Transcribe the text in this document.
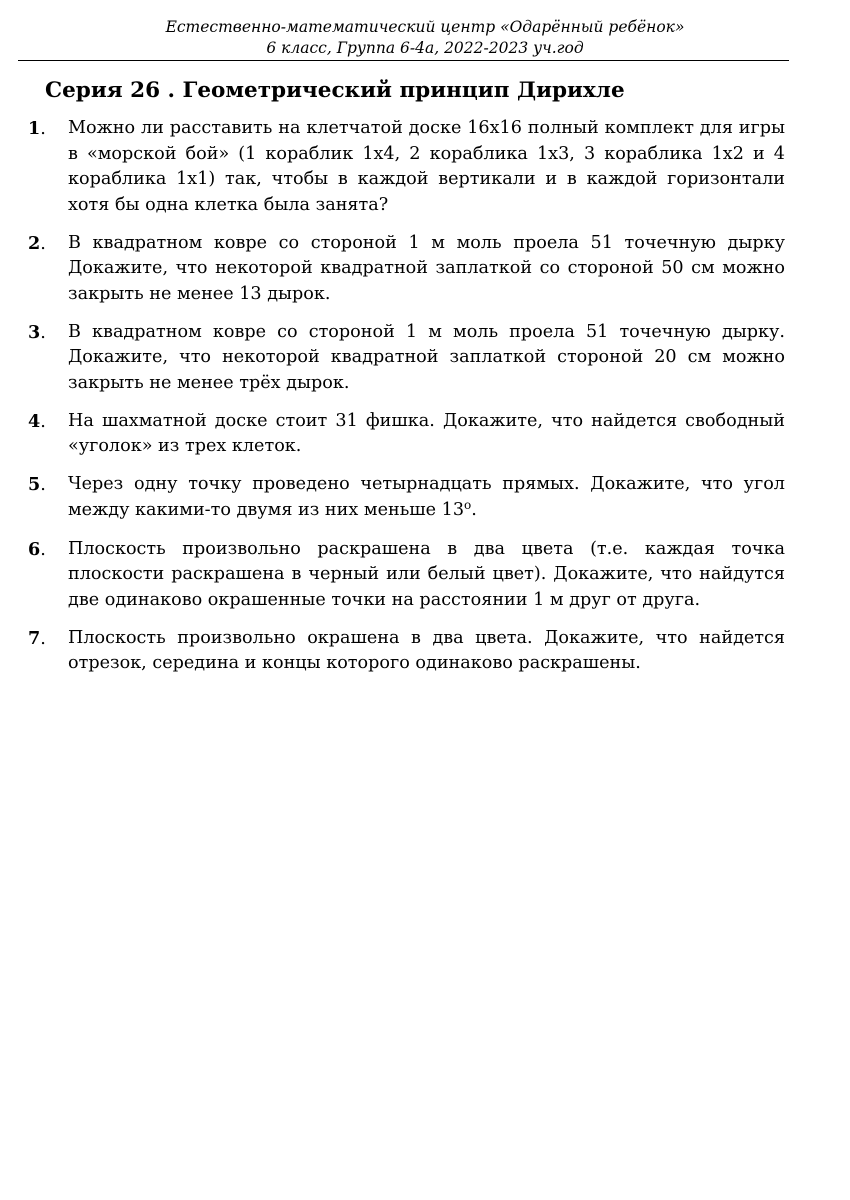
Естественно-математический центр «Одарённый ребёнок»
6 класс, Группа 6-4а, 2022-2023 уч.год
Серия 26 . Геометрический принцип Дирихле
1. Можно ли расставить на клетчатой доске 16x16 полный комплект для игры в «морской бой» (1 кораблик 1x4, 2 кораблика 1x3, 3 кораблика 1x2 и 4 кораблика 1x1) так, чтобы в каждой вертикали и в каждой горизонтали хотя бы одна клетка была занята?
2. В квадратном ковре со стороной 1 м моль проела 51 точечную дырку Докажите, что некоторой квадратной заплаткой со стороной 50 см можно закрыть не менее 13 дырок.
3. В квадратном ковре со стороной 1 м моль проела 51 точечную дырку. Докажите, что некоторой квадратной заплаткой стороной 20 см можно закрыть не менее трёх дырок.
4. На шахматной доске стоит 31 фишка. Докажите, что найдется свободный «уголок» из трех клеток.
5. Через одну точку проведено четырнадцать прямых. Докажите, что угол между какими-то двумя из них меньше 13$^o$.
6. Плоскость произвольно раскрашена в два цвета (т.е. каждая точка плоскости раскрашена в черный или белый цвет). Докажите, что найдутся две одинаково окрашенные точки на расстоянии 1 м друг от друга.
7. Плоскость произвольно окрашена в два цвета. Докажите, что найдется отрезок, середина и концы которого одинаково раскрашены.
